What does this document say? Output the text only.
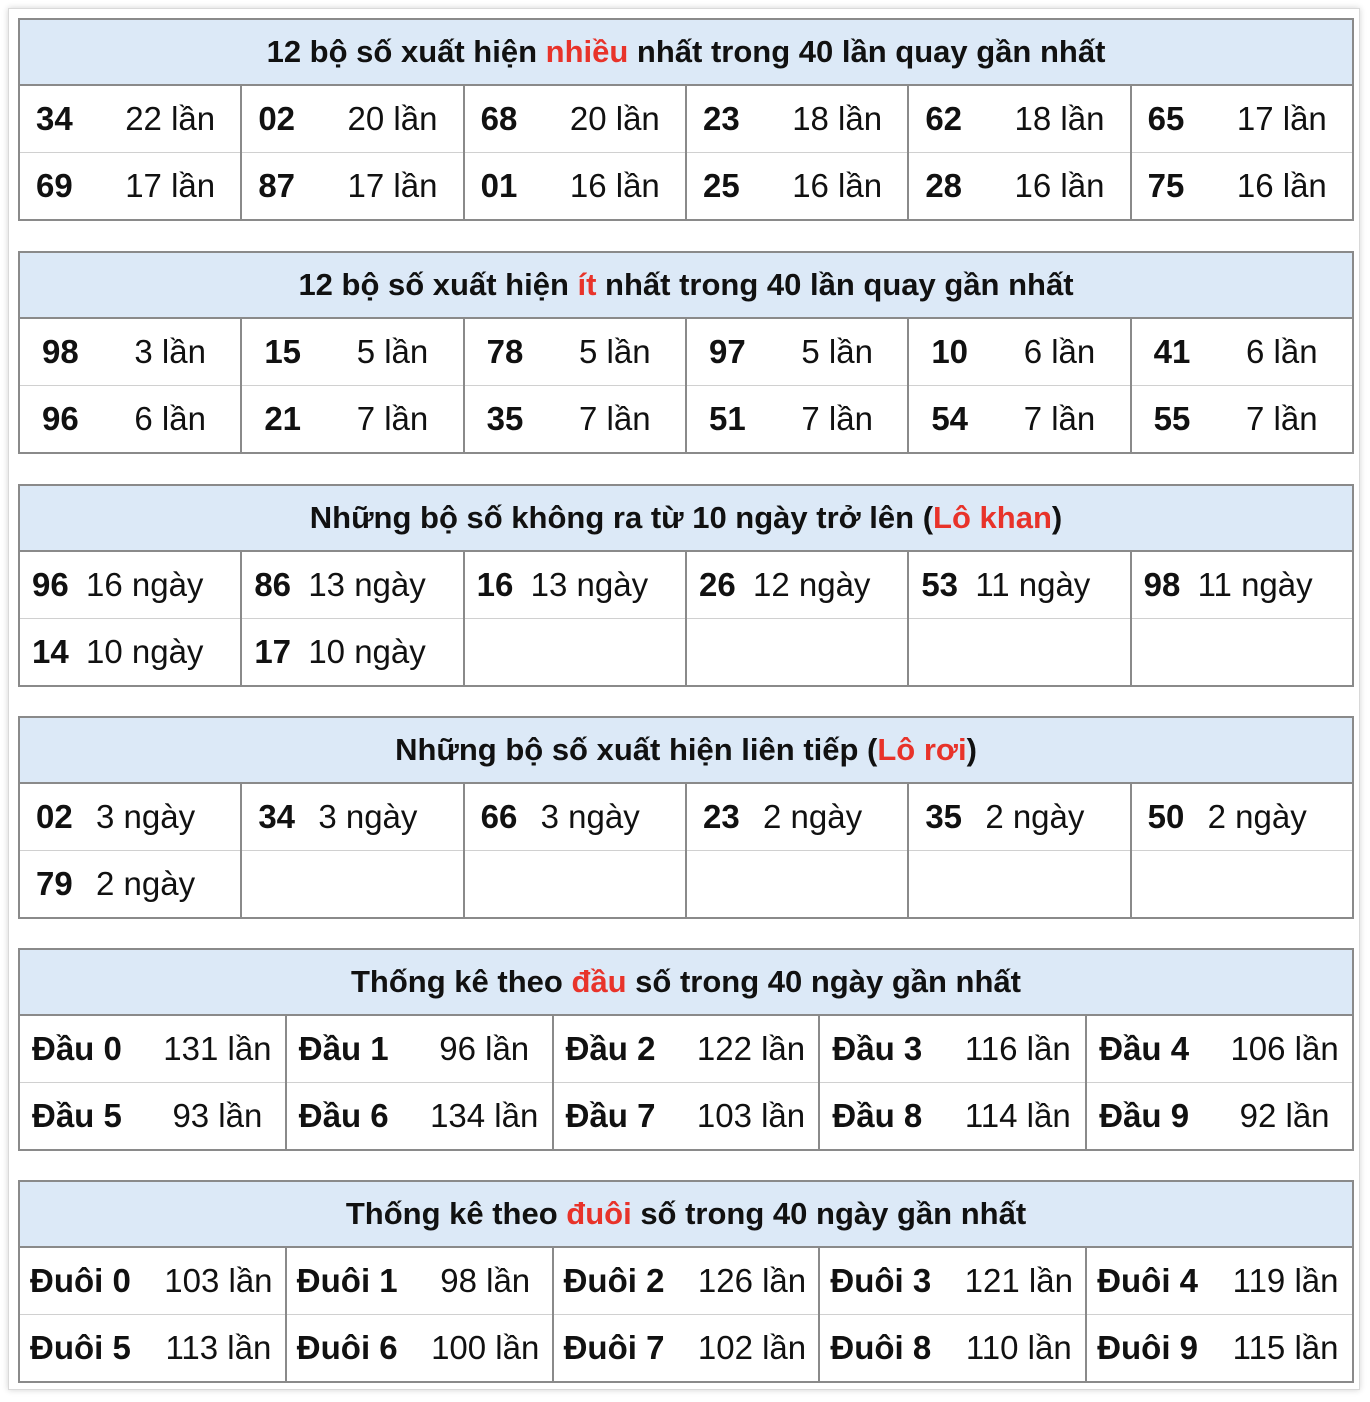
12 bộ số xuất hiện nhiều nhất trong 40 lần quay gần nhất					

34 22 lần	02 20 lần	68 20 lần	23 18 lần	62 18 lần	65 17 lần

69 17 lần	87 17 lần	01 16 lần	25 16 lần	28 16 lần	75 16 lần
12 bộ số xuất hiện ít nhất trong 40 lần quay gần nhất					

98 3 lần	15 5 lần	78 5 lần	97 5 lần	10 6 lần	41 6 lần

96 6 lần	21 7 lần	35 7 lần	51 7 lần	54 7 lần	55 7 lần
Những bộ số không ra từ 10 ngày trở lên (Lô khan)					

96 16 ngày	86 13 ngày	16 13 ngày	26 12 ngày	53 11 ngày	98 11 ngày

14 10 ngày	17 10 ngày				

Những bộ số xuất hiện liên tiếp (Lô rơi)					

02 3 ngày	34 3 ngày	66 3 ngày	23 2 ngày	35 2 ngày	50 2 ngày

79 2 ngày					

Thống kê theo đầu số trong 40 ngày gần nhất				

Đầu 0 131 lần	Đầu 1 96 lần	Đầu 2 122 lần	Đầu 3 116 lần	Đầu 4 106 lần

Đầu 5 93 lần	Đầu 6 134 lần	Đầu 7 103 lần	Đầu 8 114 lần	Đầu 9 92 lần
Thống kê theo đuôi số trong 40 ngày gần nhất				

Đuôi 0 103 lần	Đuôi 1 98 lần	Đuôi 2 126 lần	Đuôi 3 121 lần	Đuôi 4 119 lần

Đuôi 5 113 lần	Đuôi 6 100 lần	Đuôi 7 102 lần	Đuôi 8 110 lần	Đuôi 9 115 lần
